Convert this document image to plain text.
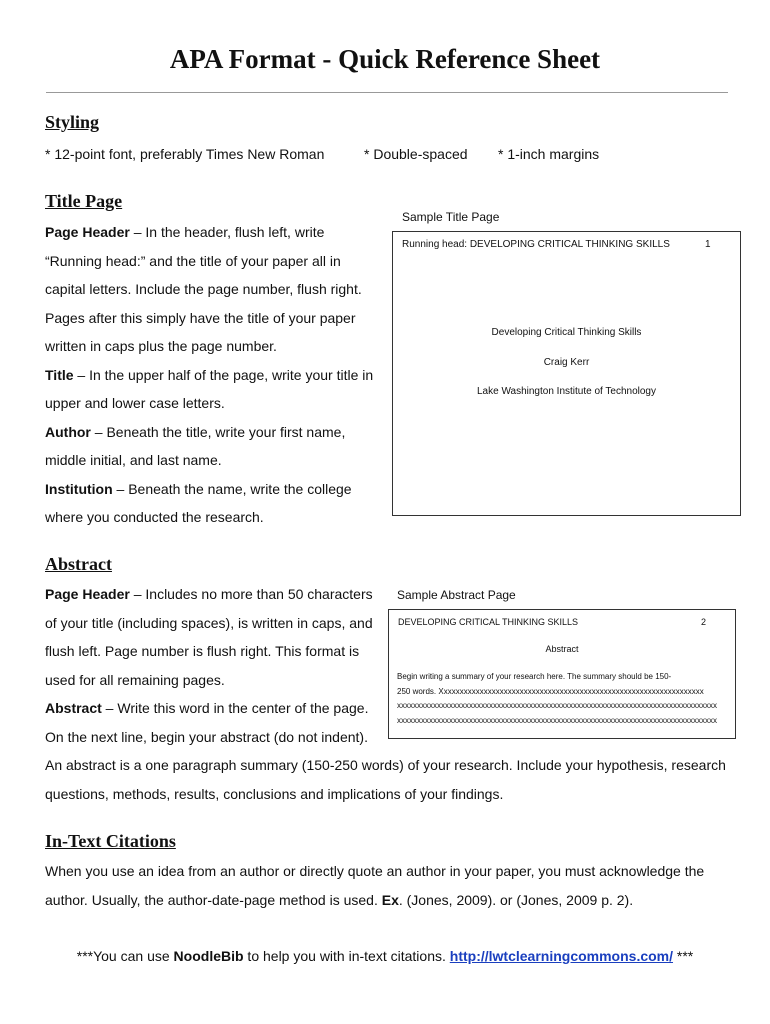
APA Format - Quick Reference Sheet
Styling
* 12-point font, preferably Times New Roman	* Double-spaced * 1-inch margins
Title Page
Page Header – In the header, flush left, write
“Running head:” and the title of your paper all in
capital letters. Include the page number, flush right.
Pages after this simply have the title of your paper
written in caps plus the page number.
Title – In the upper half of the page, write your title in
upper and lower case letters.
Author – Beneath the title, write your first name,
middle initial, and last name.
Institution – Beneath the name, write the college
where you conducted the research.
Sample Title Page
Running head: DEVELOPING CRITICAL THINKING SKILLS	1
Developing Critical Thinking Skills
Craig Kerr
Lake Washington Institute of Technology
Abstract
Page Header – Includes no more than 50 characters
of your title (including spaces), is written in caps, and
flush left. Page number is flush right. This format is
used for all remaining pages.
Abstract – Write this word in the center of the page.
On the next line, begin your abstract (do not indent).
An abstract is a one paragraph summary (150-250 words) of your research. Include your hypothesis, research
questions, methods, results, conclusions and implications of your findings.
Sample Abstract Page
DEVELOPING CRITICAL THINKING SKILLS	2
Abstract
Begin writing a summary of your research here. The summary should be 150-
250 words. Xxxxxxxxxxxxxxxxxxxxxxxxxxxxxxxxxxxxxxxxxxxxxxxxxxxxxxxxxxxxxxxxxx
xxxxxxxxxxxxxxxxxxxxxxxxxxxxxxxxxxxxxxxxxxxxxxxxxxxxxxxxxxxxxxxxxxxxxxxxxxxxxxxx
xxxxxxxxxxxxxxxxxxxxxxxxxxxxxxxxxxxxxxxxxxxxxxxxxxxxxxxxxxxxxxxxxxxxxxxxxxxxxxxx
In-Text Citations
When you use an idea from an author or directly quote an author in your paper, you must acknowledge the
author. Usually, the author-date-page method is used. Ex. (Jones, 2009). or (Jones, 2009 p. 2).
***You can use NoodleBib to help you with in-text citations. http://lwtclearningcommons.com/ ***
